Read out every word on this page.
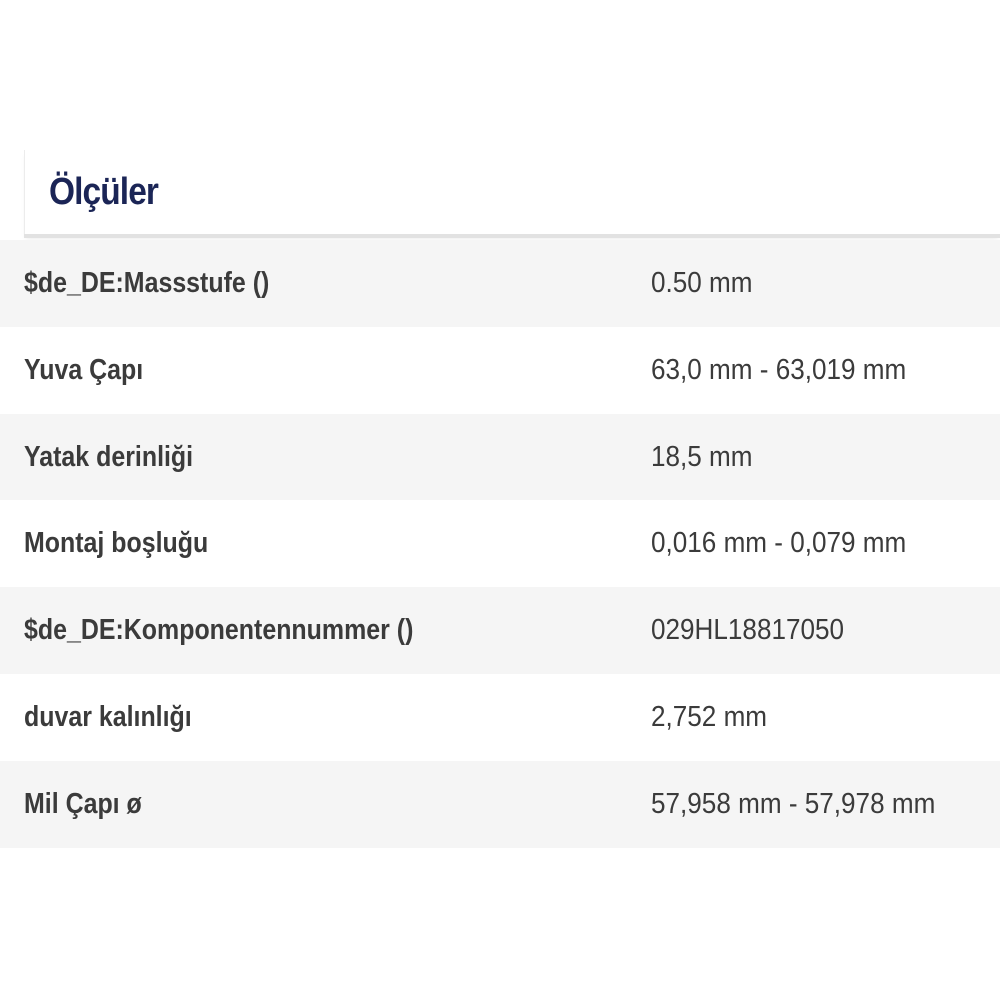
Ölçüler
$de_DE:Massstufe ()	0.50 mm
Yuva Çapı	63,0 mm - 63,019 mm
Yatak derinliği	18,5 mm
Montaj boşluğu	0,016 mm - 0,079 mm
$de_DE:Komponentennummer ()	029HL18817050
duvar kalınlığı	2,752 mm
Mil Çapı ø	57,958 mm - 57,978 mm
